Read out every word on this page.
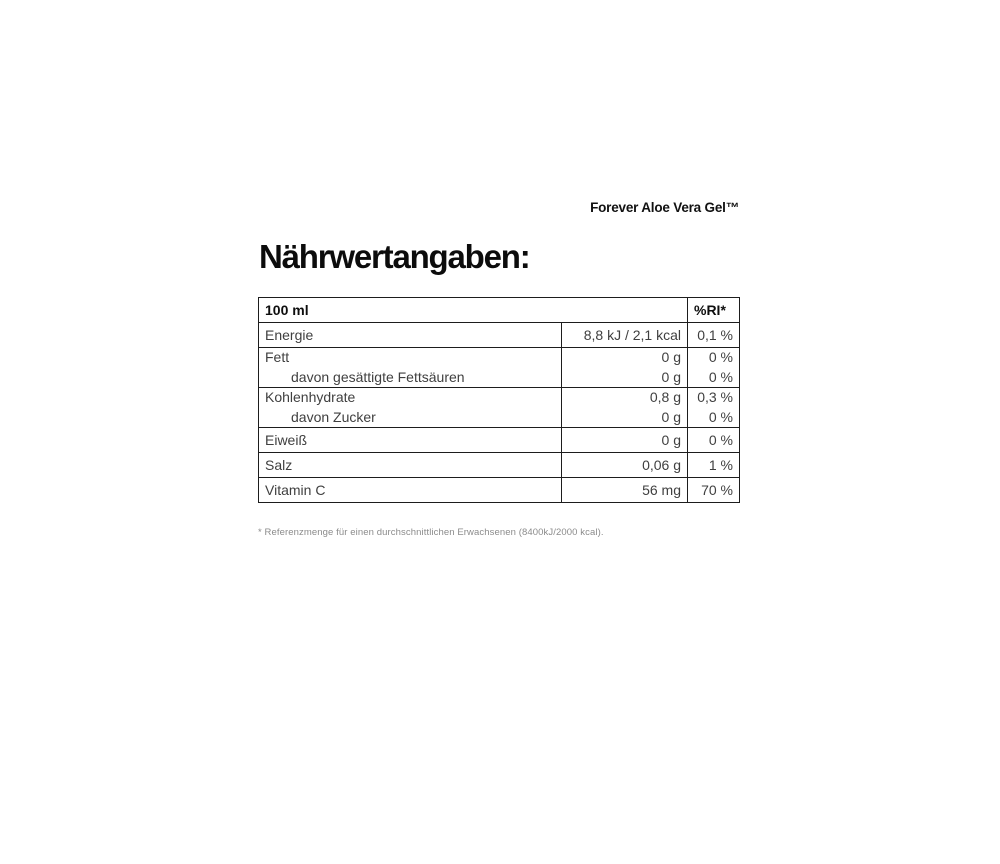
Forever Aloe Vera Gel™
Nährwertangaben:
100 ml		%RI*
Energie	8,8 kJ / 2,1 kcal	0,1 %
Fett	0 g	0 %
davon gesättigte Fettsäuren	0 g	0 %
Kohlenhydrate	0,8 g	0,3 %
davon Zucker	0 g	0 %
Eiweiß	0 g	0 %
Salz	0,06 g	1 %
Vitamin C	56 mg	70 %
* Referenzmenge für einen durchschnittlichen Erwachsenen (8400kJ/2000 kcal).
